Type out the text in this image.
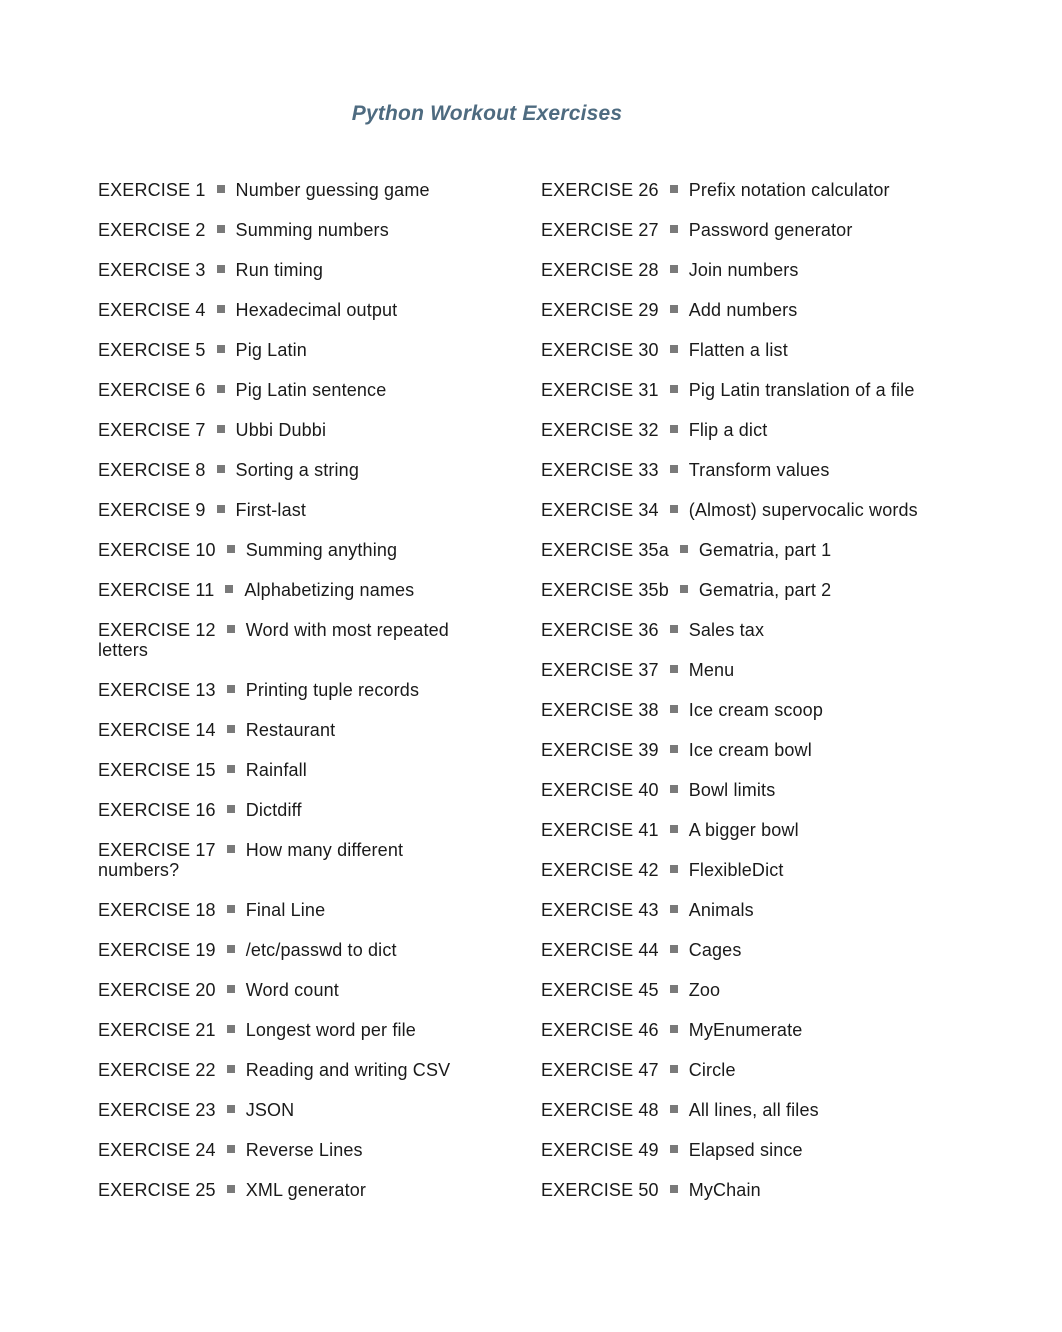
Python Workout Exercises
EXERCISE 1 Number guessing game
EXERCISE 2 Summing numbers
EXERCISE 3 Run timing
EXERCISE 4 Hexadecimal output
EXERCISE 5 Pig Latin
EXERCISE 6 Pig Latin sentence
EXERCISE 7 Ubbi Dubbi
EXERCISE 8 Sorting a string
EXERCISE 9 First-last
EXERCISE 10 Summing anything
EXERCISE 11 Alphabetizing names
EXERCISE 12 Word with most repeated letters
EXERCISE 13 Printing tuple records
EXERCISE 14 Restaurant
EXERCISE 15 Rainfall
EXERCISE 16 Dictdiff
EXERCISE 17 How many different numbers?
EXERCISE 18 Final Line
EXERCISE 19 /etc/passwd to dict
EXERCISE 20 Word count
EXERCISE 21 Longest word per file
EXERCISE 22 Reading and writing CSV
EXERCISE 23 JSON
EXERCISE 24 Reverse Lines
EXERCISE 25 XML generator
EXERCISE 26 Prefix notation calculator
EXERCISE 27 Password generator
EXERCISE 28 Join numbers
EXERCISE 29 Add numbers
EXERCISE 30 Flatten a list
EXERCISE 31 Pig Latin translation of a file
EXERCISE 32 Flip a dict
EXERCISE 33 Transform values
EXERCISE 34 (Almost) supervocalic words
EXERCISE 35a Gematria, part 1
EXERCISE 35b Gematria, part 2
EXERCISE 36 Sales tax
EXERCISE 37 Menu
EXERCISE 38 Ice cream scoop
EXERCISE 39 Ice cream bowl
EXERCISE 40 Bowl limits
EXERCISE 41 A bigger bowl
EXERCISE 42 FlexibleDict
EXERCISE 43 Animals
EXERCISE 44 Cages
EXERCISE 45 Zoo
EXERCISE 46 MyEnumerate
EXERCISE 47 Circle
EXERCISE 48 All lines, all files
EXERCISE 49 Elapsed since
EXERCISE 50 MyChain
